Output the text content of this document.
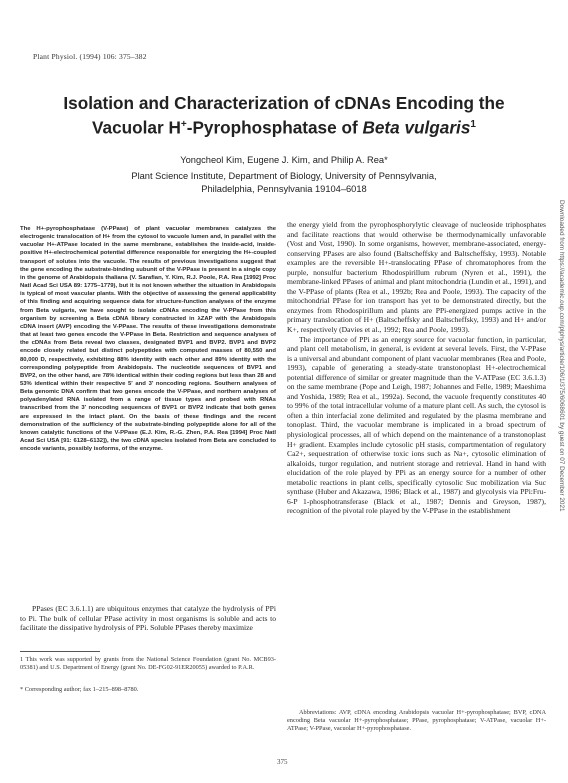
Plant Physiol. (1994) 106: 375–382
Isolation and Characterization of cDNAs Encoding the
Vacuolar H+-Pyrophosphatase of Beta vulgaris$^1$
Yongcheol Kim, Eugene J. Kim, and Philip A. Rea*
Plant Science Institute, Department of Biology, University of Pennsylvania,
Philadelphia, Pennsylvania 19104–6018
The H+-pyrophosphatase (V-PPase) of plant vacuolar membranes catalyzes the electrogenic translocation of H+ from the cytosol to vacuole lumen and, in parallel with the vacuolar H+-ATPase located in the same membrane, establishes the inside-acid, inside-positive H+-electrochemical potential difference responsible for energizing the H+-coupled transport of solutes into the vacuole. The results of previous investigations suggest that the gene encoding the substrate-binding subunit of the V-PPase is present in a single copy in the genome of Arabidopsis thaliana (V. Sarafian, Y. Kim, R.J. Poole, P.A. Rea [1992] Proc Natl Acad Sci USA 89: 1775–1779), but it is not known whether the situation in Arabidopsis is typical of most vascular plants. With the objective of assessing the general applicability of this finding and acquiring sequence data for structure-function analyses of the enzyme from Beta vulgaris, we have sought to isolate cDNAs encoding the V-PPase from this organism by screening a Beta cDNA library constructed in λZAP with the Arabidopsis cDNA insert (AVP) encoding the V-PPase. The results of these investigations demonstrate that at least two genes encode the V-PPase in Beta. Restriction and sequence analyses of the cDNAs from Beta reveal two classes, designated BVP1 and BVP2. BVP1 and BVP2 encode closely related but distinct polypeptides with computed masses of 80,550 and 80,000 D, respectively, exhibiting 88% identity with each other and 89% identity with the corresponding polypeptide from Arabidopsis. The nucleotide sequences of BVP1 and BVP2, on the other hand, are 78% identical within their coding regions but less than 28 and 53% identical within their respective 5′ and 3′ noncoding regions. Southern analyses of Beta genomic DNA confirm that two genes encode the V-PPase, and northern analyses of polyadenylated RNA isolated from a range of tissue types and probed with RNAs transcribed from the 3′ noncoding sequences of BVP1 or BVP2 indicate that both genes are expressed in the intact plant. On the basis of these findings and the recent demonstration of the sufficiency of the substrate-binding polypeptide alone for all of the known catalytic functions of the V-PPase (E.J. Kim, R.-G. Zhen, P.A. Rea [1994] Proc Natl Acad Sci USA [91: 6128–6132]), the two cDNA species isolated from Beta are concluded to encode variants, possibly isoforms, of the enzyme.
PPases (EC 3.6.1.1) are ubiquitous enzymes that catalyze the hydrolysis of PPi to Pi. The bulk of cellular PPase activity in most organisms is soluble and acts to facilitate the dissipative hydrolysis of PPi. Soluble PPases thereby maximize
1 This work was supported by grants from the National Science Foundation (grant No. MCB93-05381) and U.S. Department of Energy (grant No. DE-FG02-91ER20055) awarded to P.A.R.
* Corresponding author; fax 1–215–898–8780.
the energy yield from the pyrophosphorylytic cleavage of nucleoside triphosphates and facilitate reactions that would otherwise be thermodynamically unfavorable (Vost and Vost, 1990). In some organisms, however, membrane-associated, energy-conserving PPases are also found (Baltscheffsky and Baltscheffsky, 1993). Notable examples are the reversible H+-translocating PPase of chromatophores from the purple, nonsulfur bacterium Rhodospirillum rubrum (Nyren et al., 1991), the membrane-linked PPases of animal and plant mitochondria (Lundin et al., 1991), and the V-PPase of plants (Rea et al., 1992b; Rea and Poole, 1993). The capacity of the mitochondrial PPase for ion transport has yet to be demonstrated directly, but the enzymes from Rhodospirillum and plants are PPi-energized pumps active in the primary translocation of H+ (Baltscheffsky and Baltscheffsky, 1993) and H+ and/or K+, respectively (Davies et al., 1992; Rea and Poole, 1993).
The importance of PPi as an energy source for vacuolar function, in particular, and plant cell metabolism, in general, is evident at several levels. First, the V-PPase is a universal and abundant component of plant vacuolar membranes (Rea and Poole, 1993), capable of generating a steady-state transtonoplast H+-electrochemical potential difference of similar or greater magnitude than the V-ATPase (EC 3.6.1.3) on the same membrane (Pope and Leigh, 1987; Johannes and Felle, 1989; Maeshima and Yoshida, 1989; Rea et al., 1992a). Second, the vacuole frequently constitutes 40 to 99% of the total intracellular volume of a mature plant cell. As such, the cytosol is often a thin interfacial zone delimited and regulated by the plasma membrane and tonoplast. Third, the vacuolar membrane is implicated in a broad spectrum of physiological processes, all of which depend on the maintenance of a transtonoplast H+ gradient. Examples include cytosolic pH stasis, compartmentation of regulatory Ca2+, sequestration of otherwise toxic ions such as Na+, cytosolic elimination of alkaloids, turgor regulation, and nutrient storage and retrieval. Hand in hand with elucidation of the role played by PPi as an energy source for a number of other metabolic reactions in plant cells, specifically cytosolic Suc mobilization via Suc synthase (Huber and Akazawa, 1986; Black et al., 1987) and glycolysis via PPi:Fru-6-P 1-phosphotransferase (Black et al., 1987; Dennis and Greyson, 1987), recognition of the pivotal role played by the V-PPase in the establishment
Abbreviations: AVP, cDNA encoding Arabidopsis vacuolar H+-pyrophosphatase; BVP, cDNA encoding Beta vacuolar H+-pyrophosphatase; PPase, pyrophosphatase; V-ATPase, vacuolar H+-ATPase; V-PPase, vacuolar H+-pyrophosphatase.
375
Downloaded from https://academic.oup.com/plphys/article/106/1/375/6068601 by guest on 07 December 2021
